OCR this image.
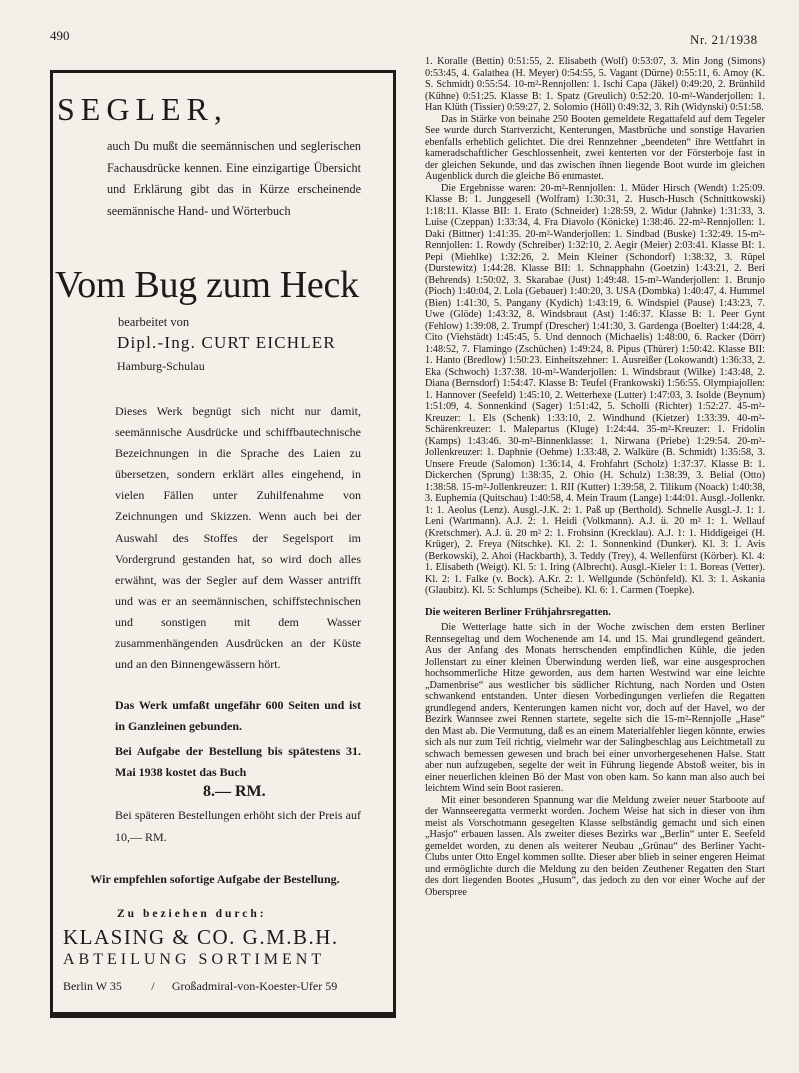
490	Nr. 21/1938
SEGLER,
auch Du mußt die seemännischen und seglerischen Fachausdrücke kennen. Eine einzigartige Übersicht und Erklärung gibt das in Kürze erscheinende seemännische Hand- und Wörterbuch
Vom Bug zum Heck
bearbeitet von
Dipl.-Ing. CURT EICHLER
Hamburg-Schulau
Dieses Werk begnügt sich nicht nur damit, seemännische Ausdrücke und schiffbautechnische Bezeichnungen in die Sprache des Laien zu übersetzen, sondern erklärt alles eingehend, in vielen Fällen unter Zuhilfenahme von Zeichnungen und Skizzen. Wenn auch bei der Auswahl des Stoffes der Segelsport im Vordergrund gestanden hat, so wird doch alles erwähnt, was der Segler auf dem Wasser antrifft und was er an seemännischen, schiffstechnischen und sonstigen mit dem Wasser zusammenhängenden Ausdrücken an der Küste und an den Binnengewässern hört.
Das Werk umfaßt ungefähr 600 Seiten und ist in Ganzleinen gebunden.
Bei Aufgabe der Bestellung bis spätestens 31. Mai 1938 kostet das Buch
8.— RM.
Bei späteren Bestellungen erhöht sich der Preis auf 10,— RM.
Wir empfehlen sofortige Aufgabe der Bestellung.
Zu beziehen durch:
KLASING & CO. G.M.B.H.
ABTEILUNG SORTIMENT
Berlin W 35 / Großadmiral-von-Koester-Ufer 59

1. Koralle (Bettin) 0:51:55, 2. Elisabeth (Wolf) 0:53:07, 3. Min Jong (Simons) 0:53:45, 4. Galathea (H. Meyer) 0:54:55, 5. Vagant (Dürne) 0:55:11, 6. Amoy (K. S. Schmidt) 0:55:54. 10-m²-Rennjollen: 1. Ischi Capa (Jäkel) 0:49:20, 2. Brünhild (Kühne) 0:51:25. Klasse B: 1. Spatz (Greulich) 0:52:20. 10-m²-Wanderjollen: 1. Han Klüth (Tissier) 0:59:27, 2. Solomio (Höll) 0:49:32, 3. Rih (Widynski) 0:51:58.

Das in Stärke von beinahe 250 Booten gemeldete Regattafeld auf dem Tegeler See wurde durch Startverzicht, Kenterungen, Mastbrüche und sonstige Havarien ebenfalls erheblich gelichtet. Die drei Rennzehner „beendeten“ ihre Wettfahrt in kameradschaftlicher Geschlossenheit, zwei kenterten vor der Försterboje fast in der gleichen Sekunde, und das zwischen ihnen liegende Boot wurde im gleichen Augenblick durch die gleiche Bö entmastet.

Die Ergebnisse waren: 20-m²-Rennjollen: 1. Müder Hirsch (Wendt) 1:25:09. Klasse B: 1. Junggesell (Wolfram) 1:30:31, 2. Husch-Husch (Schnittkowski) 1:18:11. Klasse BII: 1. Erato (Schneider) 1:28:59, 2. Widur (Jahnke) 1:31:33, 3. Luise (Czeppan) 1:33:34, 4. Fra Diavolo (Könicke) 1:38:46. 22-m²-Rennjollen: 1. Daki (Bittner) 1:41:35. 20-m²-Wanderjollen: 1. Sindbad (Buske) 1:32:49. 15-m²-Rennjollen: 1. Rowdy (Schreiber) 1:32:10, 2. Aegir (Meier) 2:03:41. Klasse BI: 1. Pepi (Miehlke) 1:32:26, 2. Mein Kleiner (Schondorf) 1:38:32, 3. Rüpel (Durstewitz) 1:44:28. Klasse BII: 1. Schnapphahn (Goetzin) 1:43:21, 2. Beri (Behrends) 1:50:02, 3. Skarabae (Just) 1:49:48. 15-m²-Wanderjollen: 1. Brunjo (Pioch) 1:40:04, 2. Lola (Gebauer) 1:40:20, 3. USA (Dombka) 1:40:47, 4. Hummel (Bien) 1:41:30, 5. Pangany (Kydich) 1:43:19, 6. Windspiel (Pause) 1:43:23, 7. Uwe (Glöde) 1:43:32, 8. Windsbraut (Ast) 1:46:37. Klasse B: 1. Peer Gynt (Fehlow) 1:39:08, 2. Trumpf (Drescher) 1:41:30, 3. Gardenga (Boelter) 1:44:28, 4. Cito (Viehstädt) 1:45:45, 5. Und dennoch (Michaelis) 1:48:00, 6. Racker (Dörr) 1:48:52, 7. Flamingo (Zschüchen) 1:49:24, 8. Pipus (Thürer) 1:50:42. Klasse BII: 1. Hanto (Bredlow) 1:50:23. Einheitszehner: 1. Ausreißer (Lokowandt) 1:36:33, 2. Eka (Schwoch) 1:37:38. 10-m²-Wanderjollen: 1. Windsbraut (Wilke) 1:43:48, 2. Diana (Bernsdorf) 1:54:47. Klasse B: Teufel (Frankowski) 1:56:55. Olympiajollen: 1. Hannover (Seefeld) 1:45:10, 2. Wetterhexe (Lutter) 1:47:03, 3. Isolde (Beynum) 1:51:09, 4. Sonnenkind (Sager) 1:51:42, 5. Scholli (Richter) 1:52:27. 45-m²-Kreuzer: 1. Els (Schenk) 1:33:10, 2. Windhund (Kietzer) 1:33:39. 40-m²-Schärenkreuzer: 1. Malepartus (Kluge) 1:24:44. 35-m²-Kreuzer: 1. Fridolin (Kamps) 1:43:46. 30-m²-Binnenklasse: 1. Nirwana (Priebe) 1:29:54. 20-m²-Jollenkreuzer: 1. Daphnie (Oehme) 1:33:48, 2. Walküre (B. Schmidt) 1:35:58, 3. Unsere Freude (Salomon) 1:36:14, 4. Frohfahrt (Scholz) 1:37:37. Klasse B: 1. Dickerchen (Sprung) 1:38:35, 2. Ohio (H. Schulz) 1:38:39, 3. Belial (Otto) 1:38:58. 15-m²-Jollenkreuzer: 1. RII (Kutter) 1:39:58, 2. Tilikum (Noack) 1:40:38, 3. Euphemia (Quitschau) 1:40:58, 4. Mein Traum (Lange) 1:44:01. Ausgl.-Jollenkr. 1: 1. Aeolus (Lenz). Ausgl.-J.K. 2: 1. Paß up (Berthold). Schnelle Ausgl.-J. 1: 1. Leni (Wartmann). A.J. 2: 1. Heidi (Volkmann). A.J. ü. 20 m² 1: 1. Wellauf (Kretschmer). A.J. ü. 20 m² 2: 1. Frohsinn (Krecklau). A.J. 1: 1. Hiddigeigei (H. Krüger), 2. Freya (Nitschke). Kl. 2: 1. Sonnenkind (Dunker). Kl. 3: 1. Avis (Berkowski), 2. Ahoi (Hackbarth), 3. Teddy (Trey), 4. Wellenfürst (Körber). Kl. 4: 1. Elisabeth (Weigt). Kl. 5: 1. Iring (Albrecht). Ausgl.-Kieler 1: 1. Boreas (Vetter). Kl. 2: 1. Falke (v. Bock). A.Kr. 2: 1. Wellgunde (Schönfeld). Kl. 3: 1. Askania (Glaubitz). Kl. 5: Schlumps (Scheibe). Kl. 6: 1. Carmen (Toepke).

Die weiteren Berliner Frühjahrsregatten.

Die Wetterlage hatte sich in der Woche zwischen dem ersten Berliner Rennsegeltag und dem Wochenende am 14. und 15. Mai grundlegend geändert. Aus der Anfang des Monats herrschenden empfindlichen Kühle, die jeden Jollenstart zu einer kleinen Überwindung werden ließ, war eine ausgesprochen hochsommerliche Hitze geworden, aus dem harten Westwind war eine leichte „Damenbrise“ aus westlicher bis südlicher Richtung, nach Norden und Osten schwankend entstanden. Unter diesen Vorbedingungen verliefen die Regatten grundlegend anders, Kenterungen kamen nicht vor, doch auf der Havel, wo der Bezirk Wannsee zwei Rennen startete, segelte sich die 15-m²-Rennjolle „Hase“ den Mast ab. Die Vermutung, daß es an einem Materialfehler liegen könnte, erwies sich als nur zum Teil richtig, vielmehr war der Salingbeschlag aus Leichtmetall zu schwach bemessen gewesen und brach bei einer unvorhergesehenen Halse. Statt aber nun aufzugeben, segelte der weit in Führung liegende Abstoß weiter, bis in einer neuerlichen kleinen Bö der Mast von oben kam. So kann man also auch bei leichtem Wind sein Boot rasieren.

Mit einer besonderen Spannung war die Meldung zweier neuer Starboote auf der Wannseeregatta vermerkt worden. Jochem Weise hat sich in dieser von ihm meist als Vorschotmann gesegelten Klasse selbständig gemacht und sich einen „Hasjo“ erbauen lassen. Als zweiter dieses Bezirks war „Berlin“ unter E. Seefeld gemeldet worden, zu denen als weiterer Neubau „Grünau“ des Berliner Yacht-Clubs unter Otto Engel kommen sollte. Dieser aber blieb in seiner engeren Heimat und ermöglichte durch die Meldung zu den beiden Zeuthener Regatten den Start des dort liegenden Bootes „Husum“, das jedoch zu den vor einer Woche auf der Oberspree
